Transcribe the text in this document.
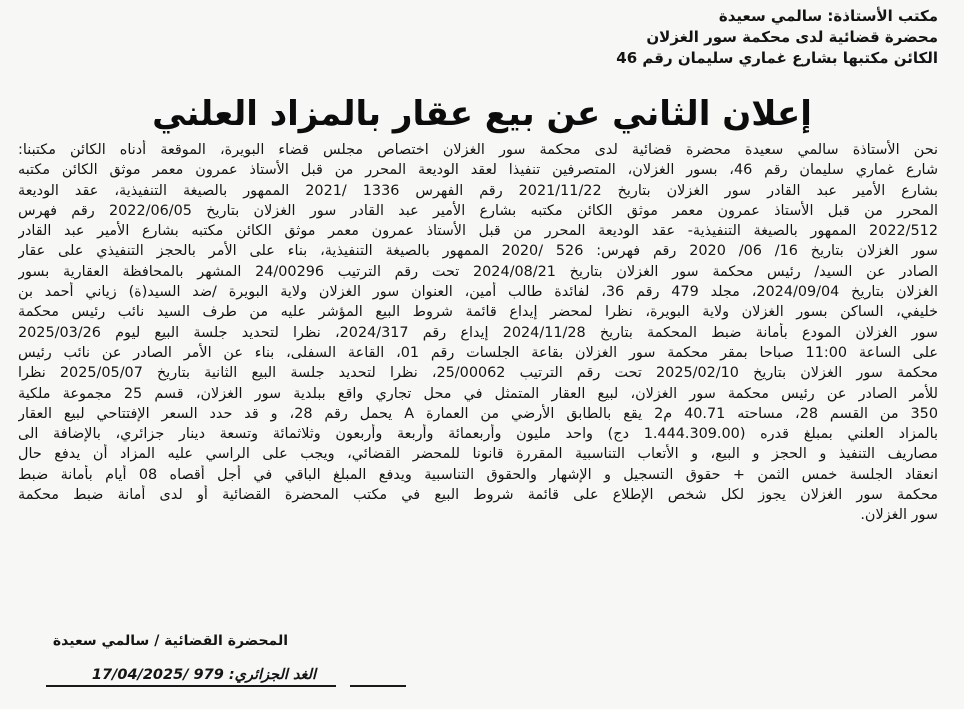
مكتب الأستاذة: سالمي سعيدة
محضرة قضائية لدى محكمة سور الغزلان
الكائن مكتبها بشارع غماري سليمان رقم 46
إعلان الثاني عن بيع عقار بالمزاد العلني
نحن الأستاذة سالمي سعيدة محضرة قضائية لدى محكمة سور الغزلان اختصاص مجلس قضاء البويرة، الموقعة أدناه الكائن مكتبنا:
شارع غماري سليمان رقم 46، بسور الغزلان، المتصرفين تنفيذا لعقد الوديعة المحرر من قبل الأستاذ عمرون معمر موثق الكائن مكتبه
بشارع الأمير عبد القادر سور الغزلان بتاريخ 2021/11/22 رقم الفهرس 1336 /2021 الممهور بالصيغة التنفيذية، عقد الوديعة
المحرر من قبل الأستاذ عمرون معمر موثق الكائن مكتبه بشارع الأمير عبد القادر سور الغزلان بتاريخ 2022/06/05 رقم فهرس
2022/512 الممهور بالصيغة التنفيذية- عقد الوديعة المحرر من قبل الأستاذ عمرون معمر موثق الكائن مكتبه بشارع الأمير عبد القادر
سور الغزلان بتاريخ 16/ 06/ 2020 رقم فهرس: 526 /2020 الممهور بالصيغة التنفيذية، بناء على الأمر بالحجز التنفيذي على عقار
الصادر عن السيد/ رئيس محكمة سور الغزلان بتاريخ 2024/08/21 تحت رقم الترتيب 24/00296 المشهر بالمحافظة العقارية بسور
الغزلان بتاريخ 2024/09/04، مجلد 479 رقم 36، لفائدة طالب أمين، العنوان سور الغزلان ولاية البويرة /ضد السيد(ة) زياني أحمد بن
خليفي، الساكن بسور الغزلان ولاية البويرة، نظرا لمحضر إيداع قائمة شروط البيع المؤشر عليه من طرف السيد نائب رئيس محكمة
سور الغزلان المودع بأمانة ضبط المحكمة بتاريخ 2024/11/28 إيداع رقم 2024/317، نظرا لتحديد جلسة البيع ليوم 2025/03/26
على الساعة 11:00 صباحا بمقر محكمة سور الغزلان بقاعة الجلسات رقم 01، القاعة السفلى، بناء عن الأمر الصادر عن نائب رئيس
محكمة سور الغزلان بتاريخ 2025/02/10 تحت رقم الترتيب 25/00062، نظرا لتحديد جلسة البيع الثانية بتاريخ 2025/05/07 نظرا
للأمر الصادر عن رئيس محكمة سور الغزلان، لبيع العقار المتمثل في محل تجاري واقع ببلدية سور الغزلان، قسم 25 مجموعة ملكية
350 من القسم 28، مساحته 40.71 م2 يقع بالطابق الأرضي من العمارة A يحمل رقم 28، و قد حدد السعر الإفتتاحي لبيع العقار
بالمزاد العلني بمبلغ قدره (1.444.309.00 دج) واحد مليون وأربعمائة وأربعة وأربعون وثلاثمائة وتسعة دينار جزائري، بالإضافة الى
مصاريف التنفيذ و الحجز و البيع، و الأتعاب التناسبية المقررة قانونا للمحضر القضائي، ويجب على الراسي عليه المزاد أن يدفع حال
انعقاد الجلسة خمس الثمن + حقوق التسجيل و الإشهار والحقوق التناسبية ويدفع المبلغ الباقي في أجل أقصاه 08 أيام بأمانة ضبط
محكمة سور الغزلان يجوز لكل شخص الإطلاع على قائمة شروط البيع في مكتب المحضرة القضائية أو لدى أمانة ضبط محكمة
سور الغزلان.
المحضرة القضائية / سالمي سعيدة
الغد الجزائري: 979 /17/04/2025
